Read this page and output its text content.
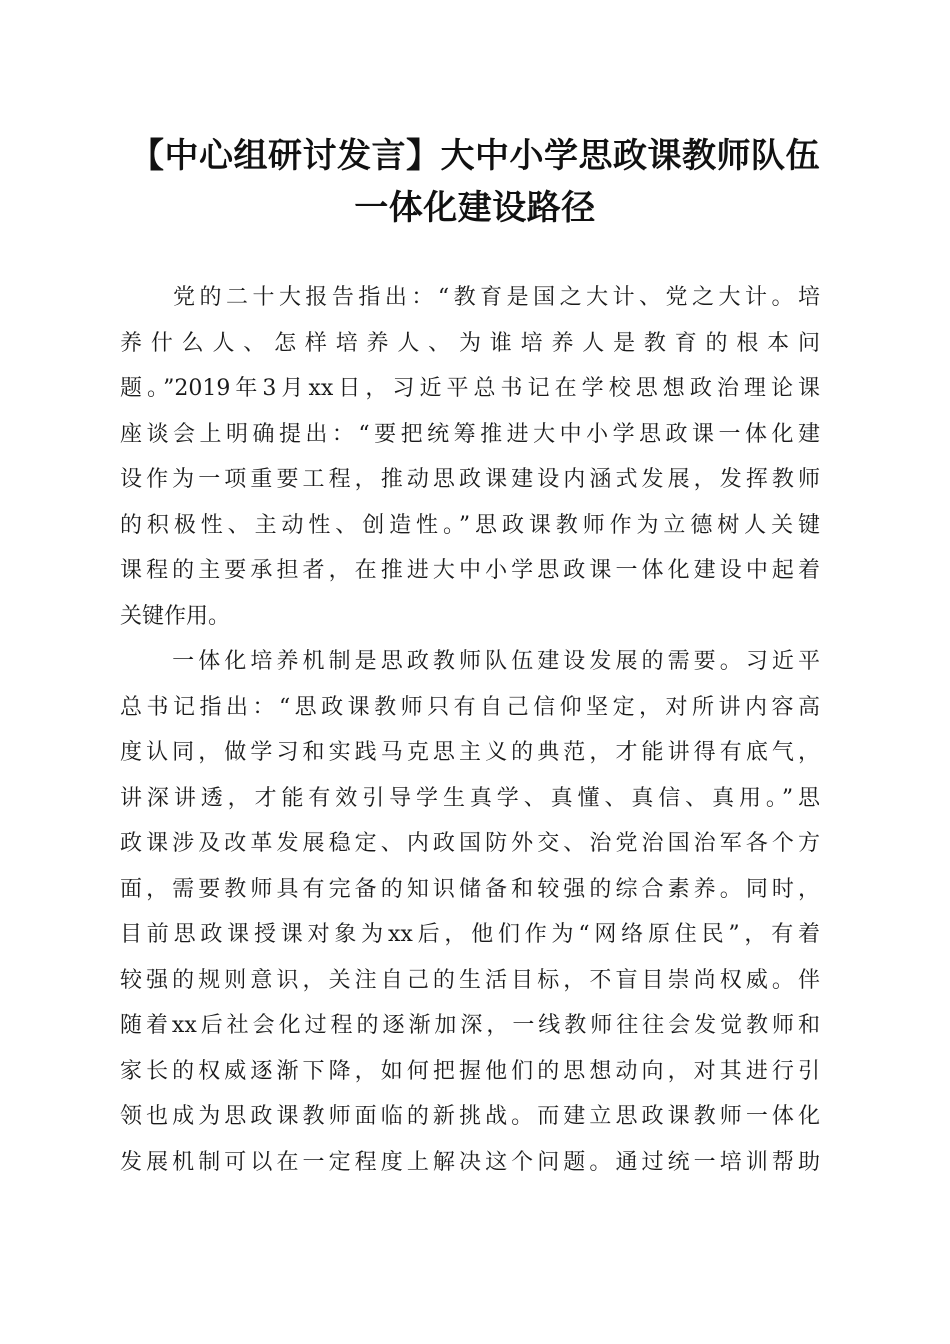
【中心组研讨发言】大中小学思政课教师队伍
一体化建设路径
　　党的二十大报告指出：“教育是国之大计、党之大计。培
养什么人、怎样培养人、为谁培养人是教育的根本问
题。”2019年3月xx日，习近平总书记在学校思想政治理论课
座谈会上明确提出：“要把统筹推进大中小学思政课一体化建
设作为一项重要工程，推动思政课建设内涵式发展，发挥教师
的积极性、主动性、创造性。”思政课教师作为立德树人关键
课程的主要承担者，在推进大中小学思政课一体化建设中起着
关键作用。
　　一体化培养机制是思政教师队伍建设发展的需要。习近平
总书记指出：“思政课教师只有自己信仰坚定，对所讲内容高
度认同，做学习和实践马克思主义的典范，才能讲得有底气，
讲深讲透，才能有效引导学生真学、真懂、真信、真用。”思
政课涉及改革发展稳定、内政国防外交、治党治国治军各个方
面，需要教师具有完备的知识储备和较强的综合素养。同时，
目前思政课授课对象为xx后，他们作为“网络原住民”，有着
较强的规则意识，关注自己的生活目标，不盲目崇尚权威。伴
随着xx后社会化过程的逐渐加深，一线教师往往会发觉教师和
家长的权威逐渐下降，如何把握他们的思想动向，对其进行引
领也成为思政课教师面临的新挑战。而建立思政课教师一体化
发展机制可以在一定程度上解决这个问题。通过统一培训帮助
